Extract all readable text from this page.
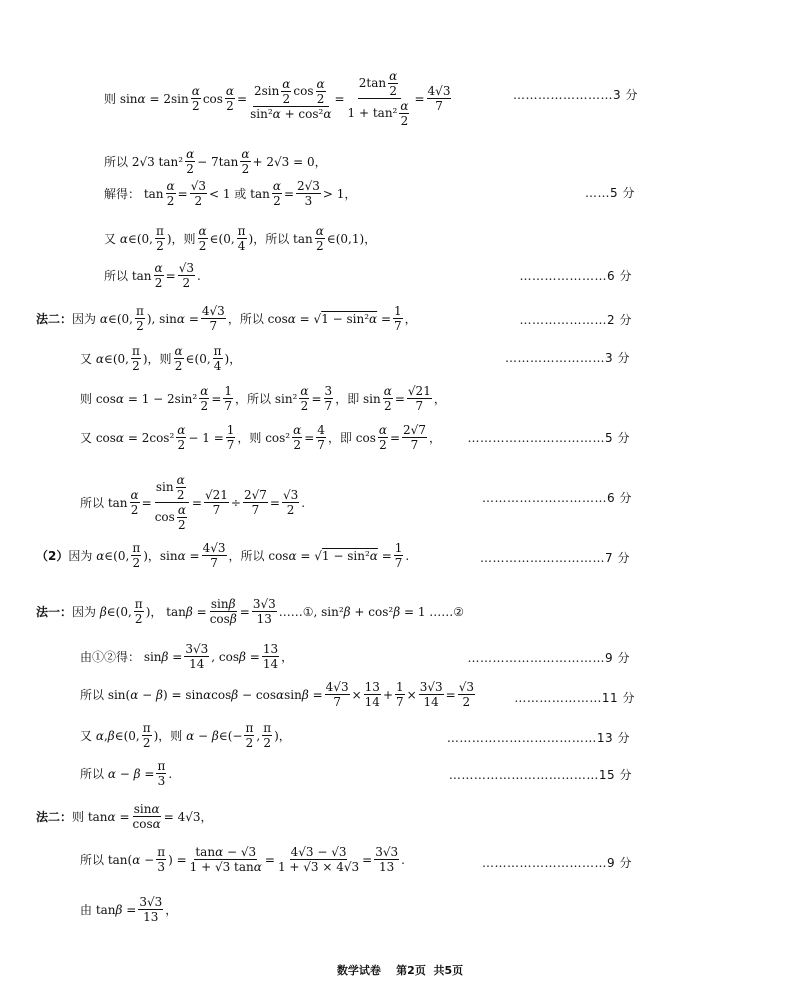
则 $\sin\alpha = 2\sin \frac{\alpha}{2}$ $\cos \frac{\alpha}{2} = \frac{2\sin \frac{\alpha}{2} \cos \frac{\alpha}{2}}{\text{sin²α + cos²α}} = \frac{2\tan \frac{\alpha}{2}}{1 + \tan^2 \frac{\alpha}{2}} = \frac{4√3}{7}$	……………………3 分
所以 2√3 $\tan^2 \frac{\alpha}{2} - 7\tan \frac{\alpha}{2} + 2√3 = 0$，
解得： $\tan \frac{\alpha}{2} = \frac{√3}{2} < 1$ 或 $\tan \frac{\alpha}{2} = \frac{2√3}{3} > 1$，	……5 分
又 α∈(0, $\frac{\pi}{2}$ )，则 $\frac{\alpha}{2}$ ∈(0, $\frac{\pi}{4}$ )，所以 $\tan \frac{\alpha}{2}$ ∈(0,1)，
所以 $\tan \frac{\alpha}{2} = \frac{√3}{2}$ .	…………………6 分
法二： 因为 α∈(0, $\frac{\pi}{2}$ ), $\sin\alpha = \frac{4√3}{7}$ ，所以 $\cos\alpha = √1 - \sin^2\alpha = \frac{1}{7}$ ，	…………………2 分
又 α∈(0, $\frac{\pi}{2}$ )，则 $\frac{\alpha}{2}$ ∈(0, $\frac{\pi}{4}$ )，	……………………3 分
则 $\cos\alpha = 1 - 2\sin^2 \frac{\alpha}{2} = \frac{1}{7}$ ，所以 $\sin^2 \frac{\alpha}{2} = \frac{3}{7}$ ，即 $\sin \frac{\alpha}{2} = \frac{√21}{7}$ ，
又 $\cos\alpha = 2\cos^2 \frac{\alpha}{2} - 1 = \frac{1}{7}$ ，则 $\cos^2 \frac{\alpha}{2} = \frac{4}{7}$ ，即 $\cos \frac{\alpha}{2} = \frac{2√7}{7}$ ， ……………………………5 分
所以 $\tan \frac{\alpha}{2} = \frac{\sin \frac{\alpha}{2}}{\cos \frac{\alpha}{2}} = \frac{√21}{7} \div \frac{2√7}{7} = \frac{√3}{2}$ .	…………………………6 分
（2） 因为 α∈(0, $\frac{\pi}{2}$ )，$\sin\alpha = \frac{4√3}{7}$ ，所以 $\cos\alpha = √1 - \sin^2\alpha = \frac{1}{7}$ .	…………………………7 分
法一： 因为 β∈(0, $\frac{\pi}{2}$ )， $\tan\beta = \frac{\sin\beta}{\cos\beta} = \frac{3√3}{13}$ ……①, sin²β + cos²β = 1 ……②
由①②得： $\sin\beta = \frac{3√3}{14}$ , $\cos\beta = \frac{13}{14}$ ，	……………………………9 分
所以 $\sin(\alpha - \beta) = \sin\alpha\cos\beta - \cos\alpha\sin\beta = \frac{4√3}{7} \times \frac{13}{14} + \frac{1}{7} \times \frac{3√3}{14} = \frac{√3}{2}$	…………………11 分
又 α,β∈(0, $\frac{\pi}{2}$ )，则 α − β∈(− $\frac{\pi}{2}$ , $\frac{\pi}{2}$ )，	………………………………13 分
所以 $\alpha - \beta = \frac{\pi}{3}$ .	………………………………15 分
法二： 则 $\tan\alpha = \frac{\sin\alpha}{\cos\alpha} = 4√3$，
所以 $\tan(\alpha - \frac{\pi}{3}$ ) = $\frac{\tan\alpha - √3}{1 + √3 \tan\alpha} = \frac{4√3 - √3}{1 + √3 \times 4√3} = \frac{3√3}{13}$ .	…………………………9 分
由 $\tan\beta = \frac{3√3}{13}$ ，
数学试卷 第2页 共5页
